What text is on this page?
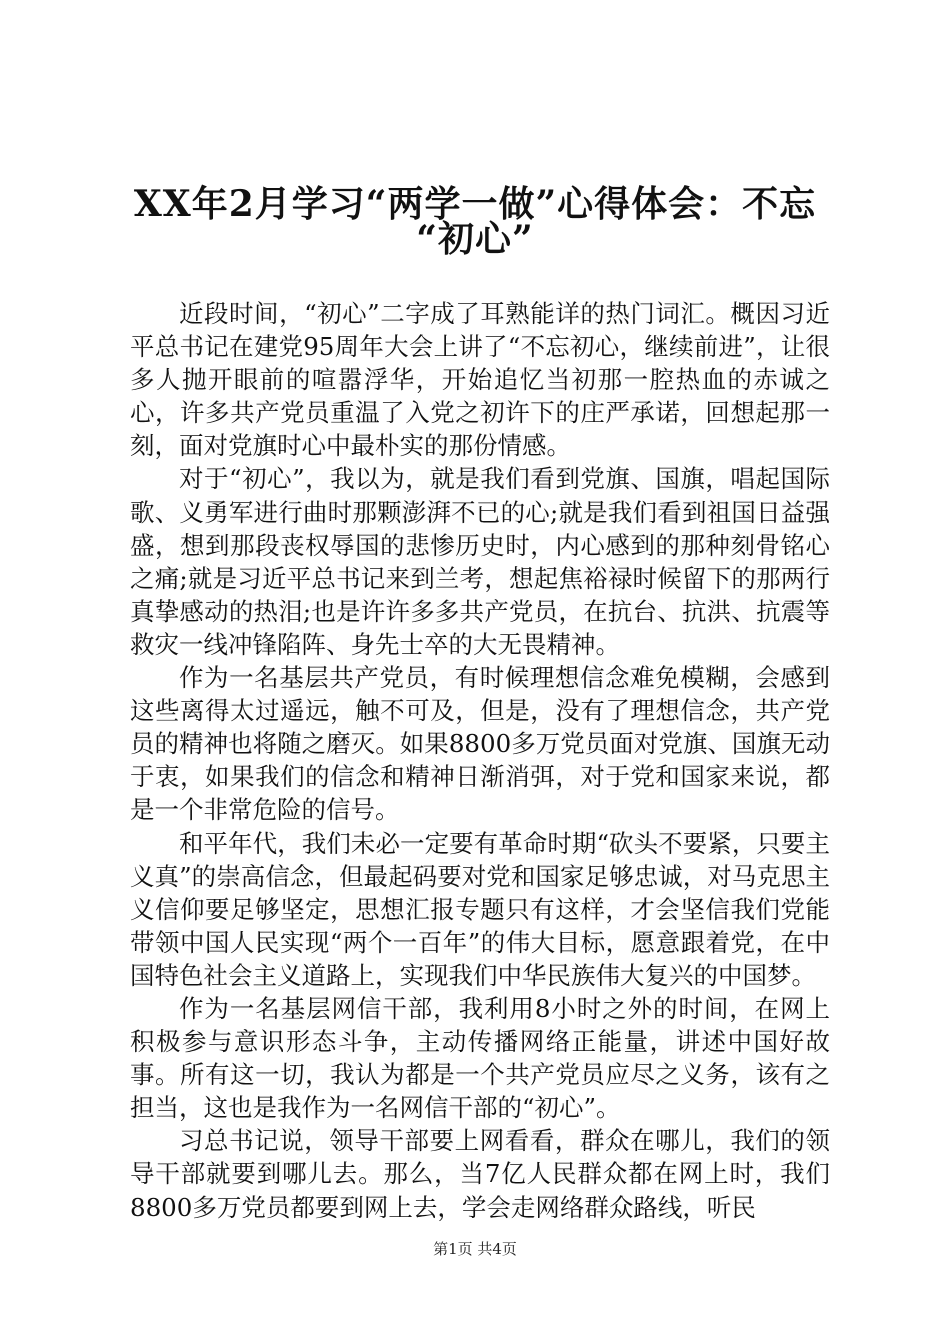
XX年2月学习“两学一做”心得体会：不忘
“初心”

近段时间，“初心”二字成了耳熟能详的热门词汇。概因习近平总书记在建党95周年大会上讲了“不忘初心，继续前进”，让很多人抛开眼前的喧嚣浮华，开始追忆当初那一腔热血的赤诚之心，许多共产党员重温了入党之初许下的庄严承诺，回想起那一刻，面对党旗时心中最朴实的那份情感。

对于“初心”，我以为，就是我们看到党旗、国旗，唱起国际歌、义勇军进行曲时那颗澎湃不已的心;就是我们看到祖国日益强盛，想到那段丧权辱国的悲惨历史时，内心感到的那种刻骨铭心之痛;就是习近平总书记来到兰考，想起焦裕禄时候留下的那两行真挚感动的热泪;也是许许多多共产党员，在抗台、抗洪、抗震等救灾一线冲锋陷阵、身先士卒的大无畏精神。

作为一名基层共产党员，有时候理想信念难免模糊，会感到这些离得太过遥远，触不可及，但是，没有了理想信念，共产党员的精神也将随之磨灭。如果8800多万党员面对党旗、国旗无动于衷，如果我们的信念和精神日渐消弭，对于党和国家来说，都是一个非常危险的信号。

和平年代，我们未必一定要有革命时期“砍头不要紧，只要主义真”的崇高信念，但最起码要对党和国家足够忠诚，对马克思主义信仰要足够坚定，思想汇报专题只有这样，才会坚信我们党能带领中国人民实现“两个一百年”的伟大目标，愿意跟着党，在中国特色社会主义道路上，实现我们中华民族伟大复兴的中国梦。

作为一名基层网信干部，我利用8小时之外的时间，在网上积极参与意识形态斗争，主动传播网络正能量，讲述中国好故事。所有这一切，我认为都是一个共产党员应尽之义务，该有之担当，这也是我作为一名网信干部的“初心”。

习总书记说，领导干部要上网看看，群众在哪儿，我们的领导干部就要到哪儿去。那么，当7亿人民群众都在网上时，我们8800多万党员都要到网上去，学会走网络群众路线，听民

第1页 共4页
